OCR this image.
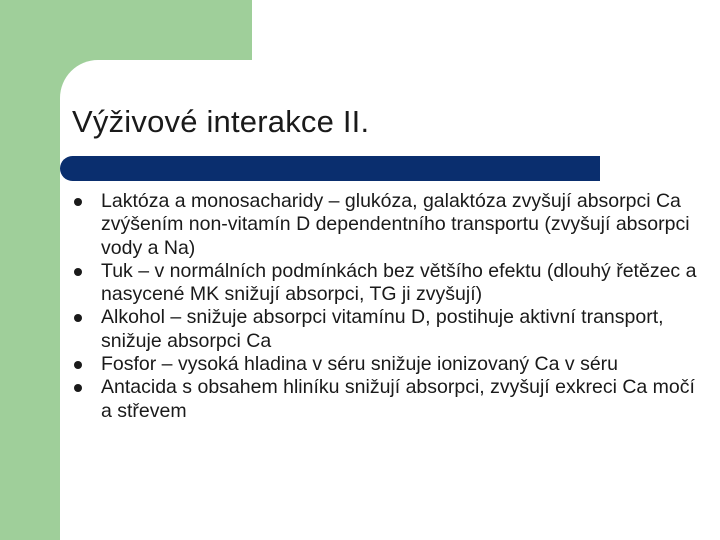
Výživové interakce II.
Laktóza a monosacharidy – glukóza, galaktóza zvyšují absorpci Ca zvýšením non-vitamín D dependentního transportu (zvyšují absorpci vody a Na)
Tuk – v normálních podmínkách bez většího efektu (dlouhý řetězec a nasycené MK snižují absorpci, TG ji zvyšují)
Alkohol – snižuje absorpci vitamínu D, postihuje aktivní transport, snižuje absorpci Ca
Fosfor – vysoká hladina v séru snižuje ionizovaný Ca v séru
Antacida s obsahem hliníku snižují absorpci, zvyšují exkreci Ca močí a střevem
